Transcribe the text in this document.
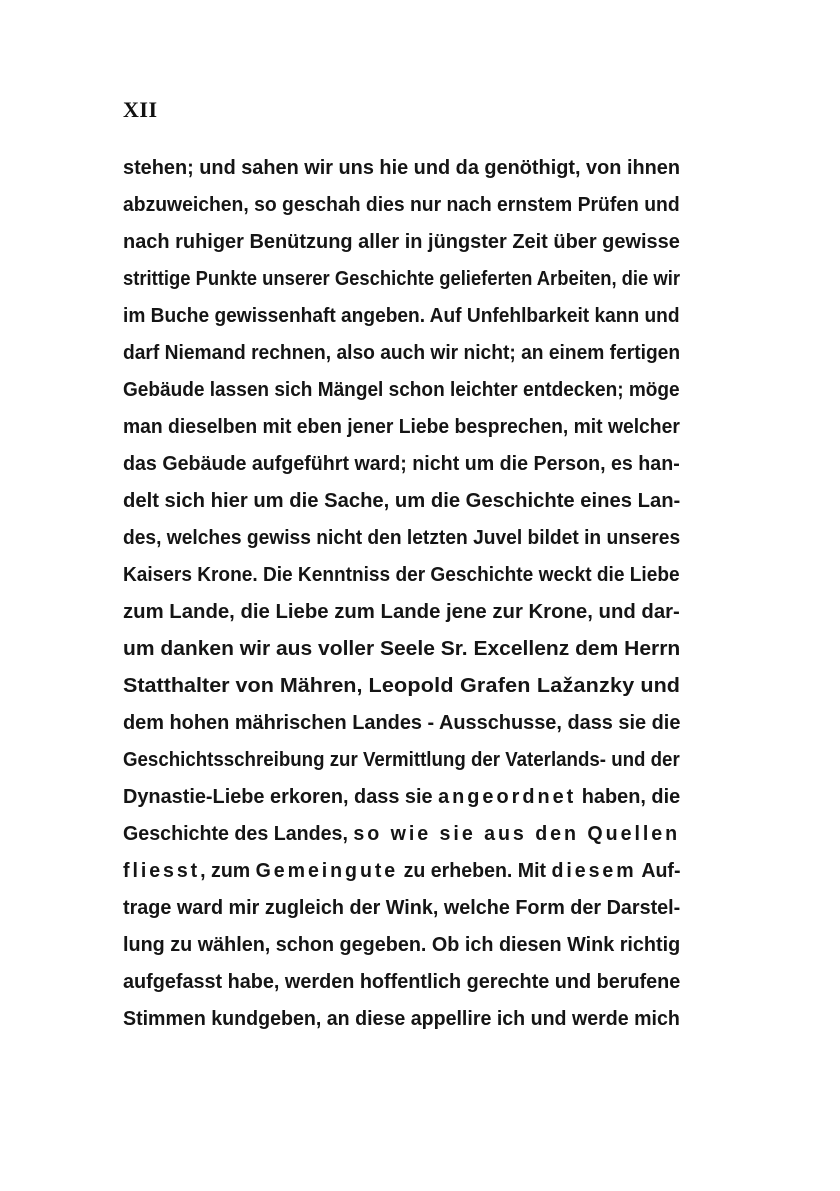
XII
stehen; und sahen wir uns hie und da genöthigt, von ihnen
abzuweichen, so geschah dies nur nach ernstem Prüfen und
nach ruhiger Benützung aller in jüngster Zeit über gewisse
strittige Punkte unserer Geschichte gelieferten Arbeiten, die wir
im Buche gewissenhaft angeben. Auf Unfehlbarkeit kann und
darf Niemand rechnen, also auch wir nicht; an einem fertigen
Gebäude lassen sich Mängel schon leichter entdecken; möge
man dieselben mit eben jener Liebe besprechen, mit welcher
das Gebäude aufgeführt ward; nicht um die Person, es han-
delt sich hier um die Sache, um die Geschichte eines Lan-
des, welches gewiss nicht den letzten Juvel bildet in unseres
Kaisers Krone. Die Kenntniss der Geschichte weckt die Liebe
zum Lande, die Liebe zum Lande jene zur Krone, und dar-
um danken wir aus voller Seele Sr. Excellenz dem Herrn
Statthalter von Mähren, Leopold Grafen Lažanzky und
dem hohen mährischen Landes - Ausschusse, dass sie die
Geschichtsschreibung zur Vermittlung der Vaterlands- und der
Dynastie-Liebe erkoren, dass sie angeordnet haben, die
Geschichte des Landes, so wie sie aus den Quellen
fliesst, zum Gemeingute zu erheben. Mit diesem Auf-
trage ward mir zugleich der Wink, welche Form der Darstel-
lung zu wählen, schon gegeben. Ob ich diesen Wink richtig
aufgefasst habe, werden hoffentlich gerechte und berufene
Stimmen kundgeben, an diese appellire ich und werde mich
